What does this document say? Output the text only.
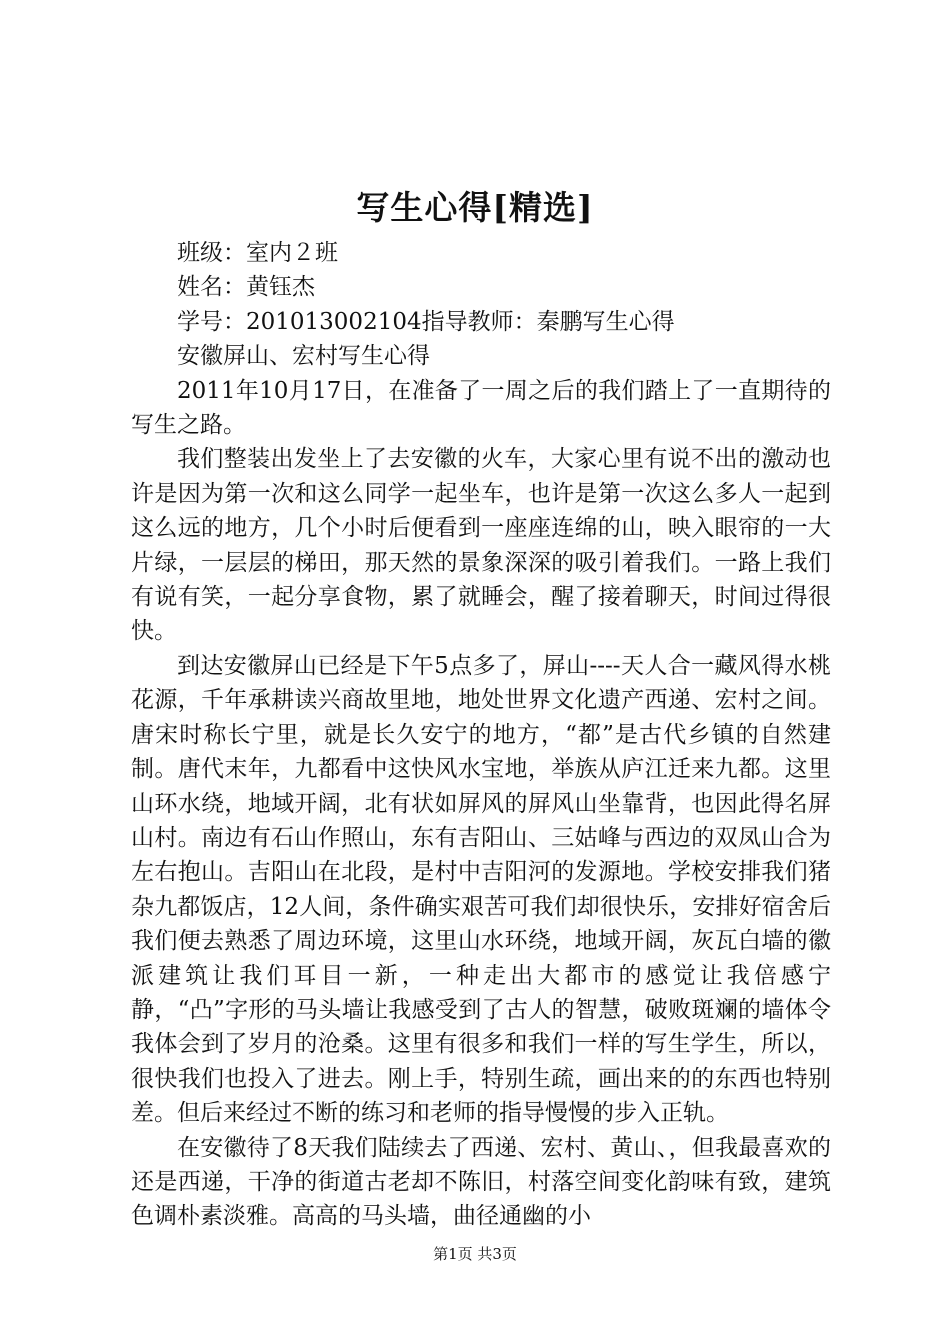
写生心得[精选]

班级：室内２班

姓名：黄钰杰

学号：201013002104指导教师：秦鹏写生心得

安徽屏山、宏村写生心得

2011年10月17日，在准备了一周之后的我们踏上了一直期待的写生之路。

我们整装出发坐上了去安徽的火车，大家心里有说不出的激动也许是因为第一次和这么同学一起坐车，也许是第一次这么多人一起到这么远的地方，几个小时后便看到一座座连绵的山，映入眼帘的一大片绿，一层层的梯田，那天然的景象深深的吸引着我们。一路上我们有说有笑，一起分享食物，累了就睡会，醒了接着聊天，时间过得很快。

到达安徽屏山已经是下午5点多了，屏山----天人合一藏风得水桃花源，千年承耕读兴商故里地，地处世界文化遗产西递、宏村之间。唐宋时称长宁里，就是长久安宁的地方，“都”是古代乡镇的自然建制。唐代末年，九都看中这快风水宝地，举族从庐江迁来九都。这里山环水绕，地域开阔，北有状如屏风的屏风山坐靠背，也因此得名屏山村。南边有石山作照山，东有吉阳山、三姑峰与西边的双凤山合为左右抱山。吉阳山在北段，是村中吉阳河的发源地。学校安排我们猪杂九都饭店，12人间，条件确实艰苦可我们却很快乐，安排好宿舍后我们便去熟悉了周边环境，这里山水环绕，地域开阔，灰瓦白墙的徽派建筑让我们耳目一新，一种走出大都市的感觉让我倍感宁静，“凸”字形的马头墙让我感受到了古人的智慧，破败斑斓的墙体令我体会到了岁月的沧桑。这里有很多和我们一样的写生学生，所以，很快我们也投入了进去。刚上手，特别生疏，画出来的的东西也特别差。但后来经过不断的练习和老师的指导慢慢的步入正轨。

在安徽待了8天我们陆续去了西递、宏村、黄山、，但我最喜欢的还是西递，干净的街道古老却不陈旧，村落空间变化韵味有致，建筑色调朴素淡雅。高高的马头墙，曲径通幽的小

第1页 共3页
